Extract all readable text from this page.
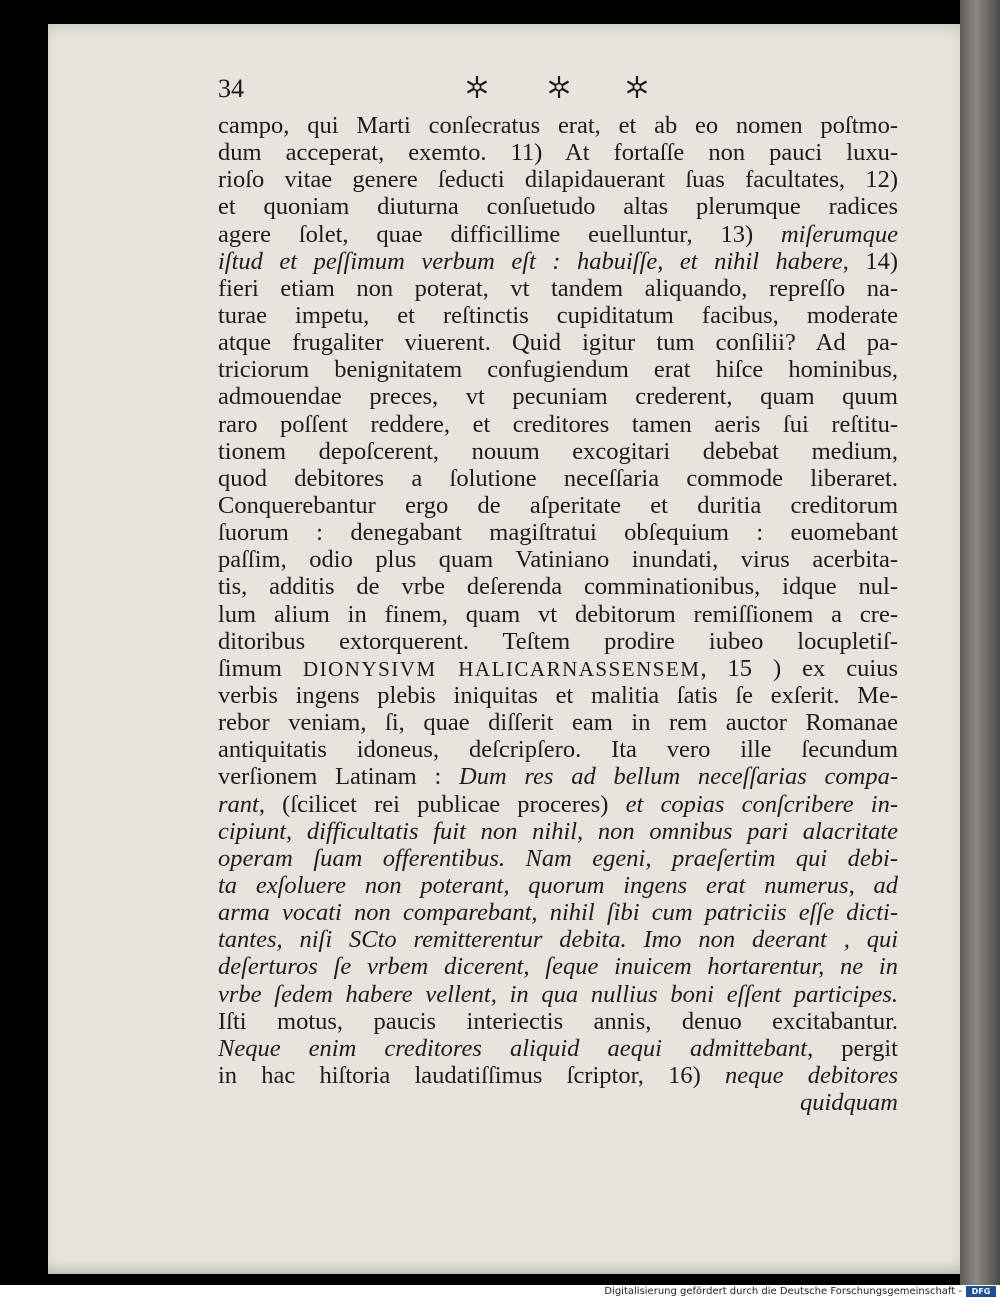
34
campo, qui Marti conſecratus erat, et ab eo nomen poſtmo-
dum acceperat, exemto. 11) At fortaſſe non pauci luxu-
rioſo vitae genere ſeducti dilapidauerant ſuas facultates, 12)
et quoniam diuturna conſuetudo altas plerumque radices
agere ſolet, quae difficillime euelluntur, 13) miſerumque
iſtud et peſſimum verbum eſt : habuiſſe, et nihil habere, 14)
fieri etiam non poterat, vt tandem aliquando, repreſſo na-
turae impetu, et reſtinctis cupiditatum facibus, moderate
atque frugaliter viuerent. Quid igitur tum conſilii? Ad pa-
triciorum benignitatem confugiendum erat hiſce hominibus,
admouendae preces, vt pecuniam crederent, quam quum
raro poſſent reddere, et creditores tamen aeris ſui reſtitu-
tionem depoſcerent, nouum excogitari debebat medium,
quod debitores a ſolutione neceſſaria commode liberaret.
Conquerebantur ergo de aſperitate et duritia creditorum
ſuorum : denegabant magiſtratui obſequium : euomebant
paſſim, odio plus quam Vatiniano inundati, virus acerbita-
tis, additis de vrbe deſerenda comminationibus, idque nul-
lum alium in finem, quam vt debitorum remiſſionem a cre-
ditoribus extorquerent. Teſtem prodire iubeo locupletiſ-
ſimum DIONYSIVM HALICARNASSENSEM, 15 ) ex cuius
verbis ingens plebis iniquitas et malitia ſatis ſe exſerit. Me-
rebor veniam, ſi, quae diſſerit eam in rem auctor Romanae
antiquitatis idoneus, deſcripſero. Ita vero ille ſecundum
verſionem Latinam : Dum res ad bellum neceſſarias compa-
rant, (ſcilicet rei publicae proceres) et copias conſcribere in-
cipiunt, difficultatis fuit non nihil, non omnibus pari alacritate
operam ſuam offerentibus. Nam egeni, praeſertim qui debi-
ta exſoluere non poterant, quorum ingens erat numerus, ad
arma vocati non comparebant, nihil ſibi cum patriciis eſſe dicti-
tantes, niſi SCto remitterentur debita. Imo non deerant , qui
deſerturos ſe vrbem dicerent, ſeque inuicem hortarentur, ne in
vrbe ſedem habere vellent, in qua nullius boni eſſent participes.
Iſti motus, paucis interiectis annis, denuo excitabantur.
Neque enim creditores aliquid aequi admittebant, pergit
in hac hiſtoria laudatiſſimus ſcriptor, 16) neque debitores
quidquam
Digitalisierung gefördert durch die Deutsche Forschungsgemeinschaft -	DFG
